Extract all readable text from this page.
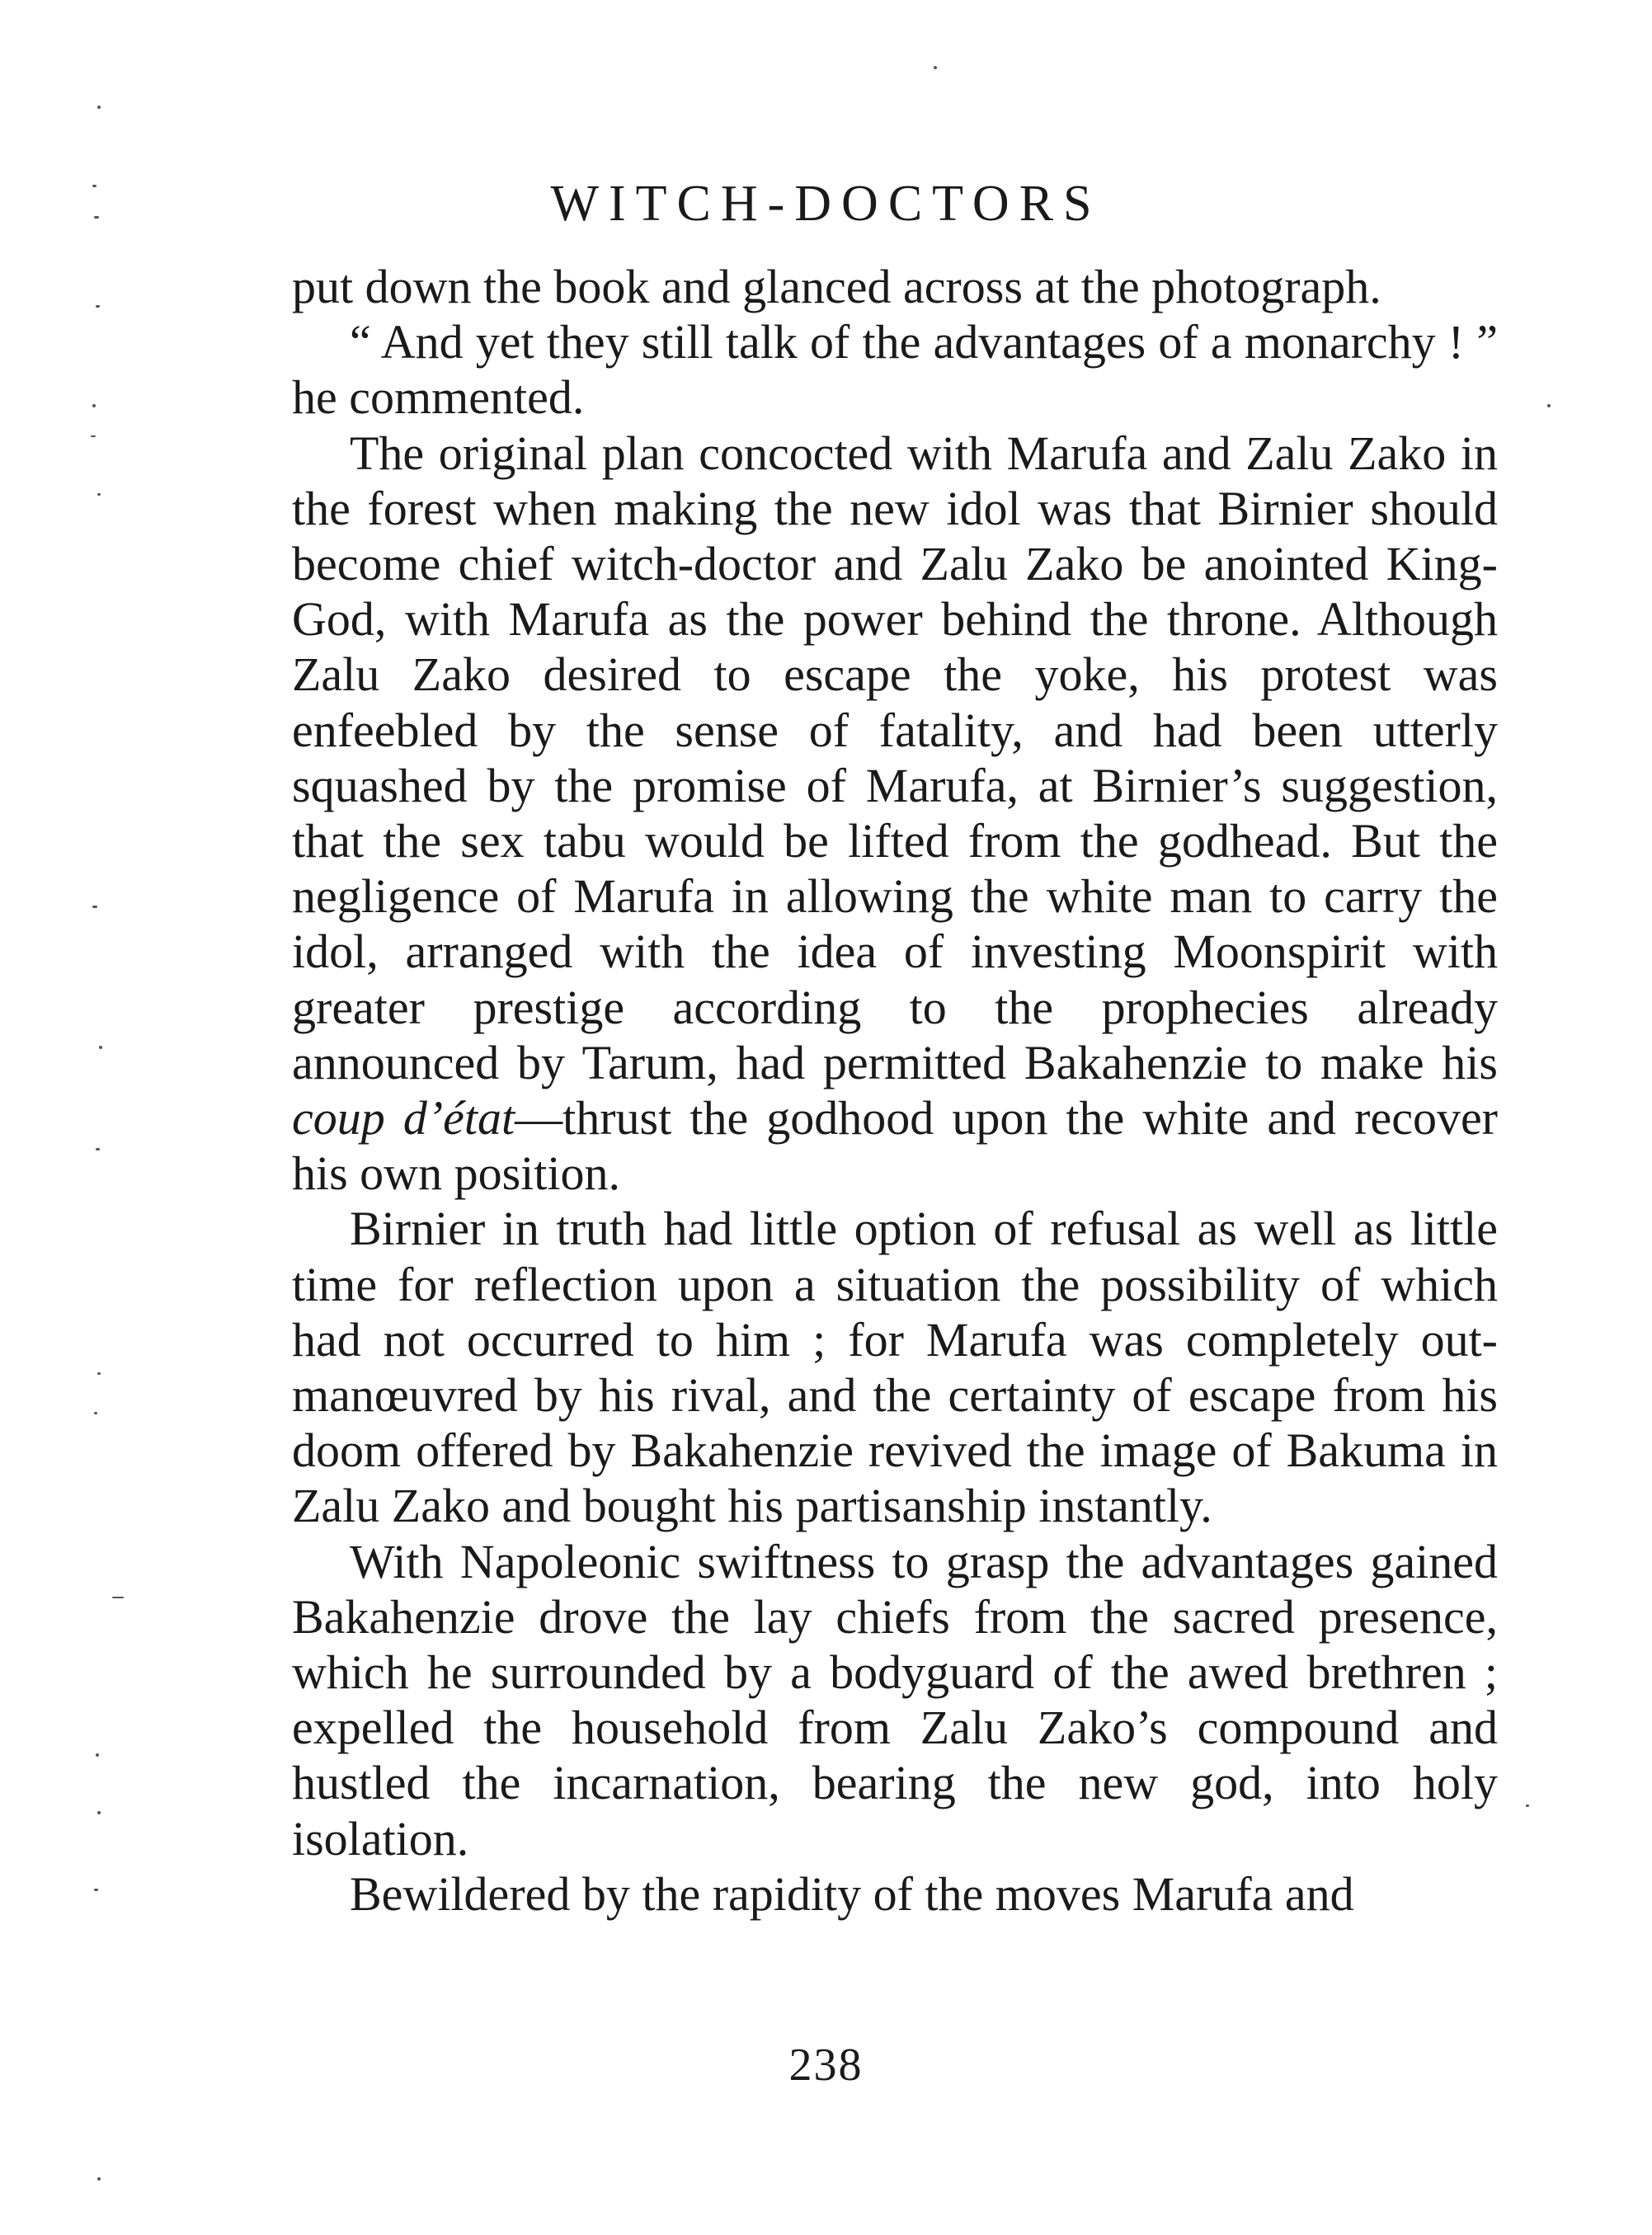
WITCH-DOCTORS

put down the book and glanced across at the photograph.

“ And yet they still talk of the advantages of a monarchy ! ” he commented.

The original plan concocted with Marufa and Zalu Zako in the forest when making the new idol was that Birnier should become chief witch-doctor and Zalu Zako be anointed King-God, with Marufa as the power behind the throne. Although Zalu Zako desired to escape the yoke, his protest was enfeebled by the sense of fatality, and had been utterly squashed by the promise of Marufa, at Birnier’s suggestion, that the sex tabu would be lifted from the godhead. But the negligence of Marufa in allowing the white man to carry the idol, arranged with the idea of investing Moonspirit with greater prestige according to the prophecies already announced by Tarum, had permitted Bakahenzie to make his coup d’état—thrust the godhood upon the white and recover his own position.

Birnier in truth had little option of refusal as well as little time for reflection upon a situation the possibility of which had not occurred to him ; for Marufa was completely out-manœuvred by his rival, and the certainty of escape from his doom offered by Bakahenzie revived the image of Bakuma in Zalu Zako and bought his partisanship instantly.

With Napoleonic swiftness to grasp the advantages gained Bakahenzie drove the lay chiefs from the sacred presence, which he surrounded by a bodyguard of the awed brethren ; expelled the household from Zalu Zako’s compound and hustled the incarnation, bearing the new god, into holy isolation.

Bewildered by the rapidity of the moves Marufa and

238
